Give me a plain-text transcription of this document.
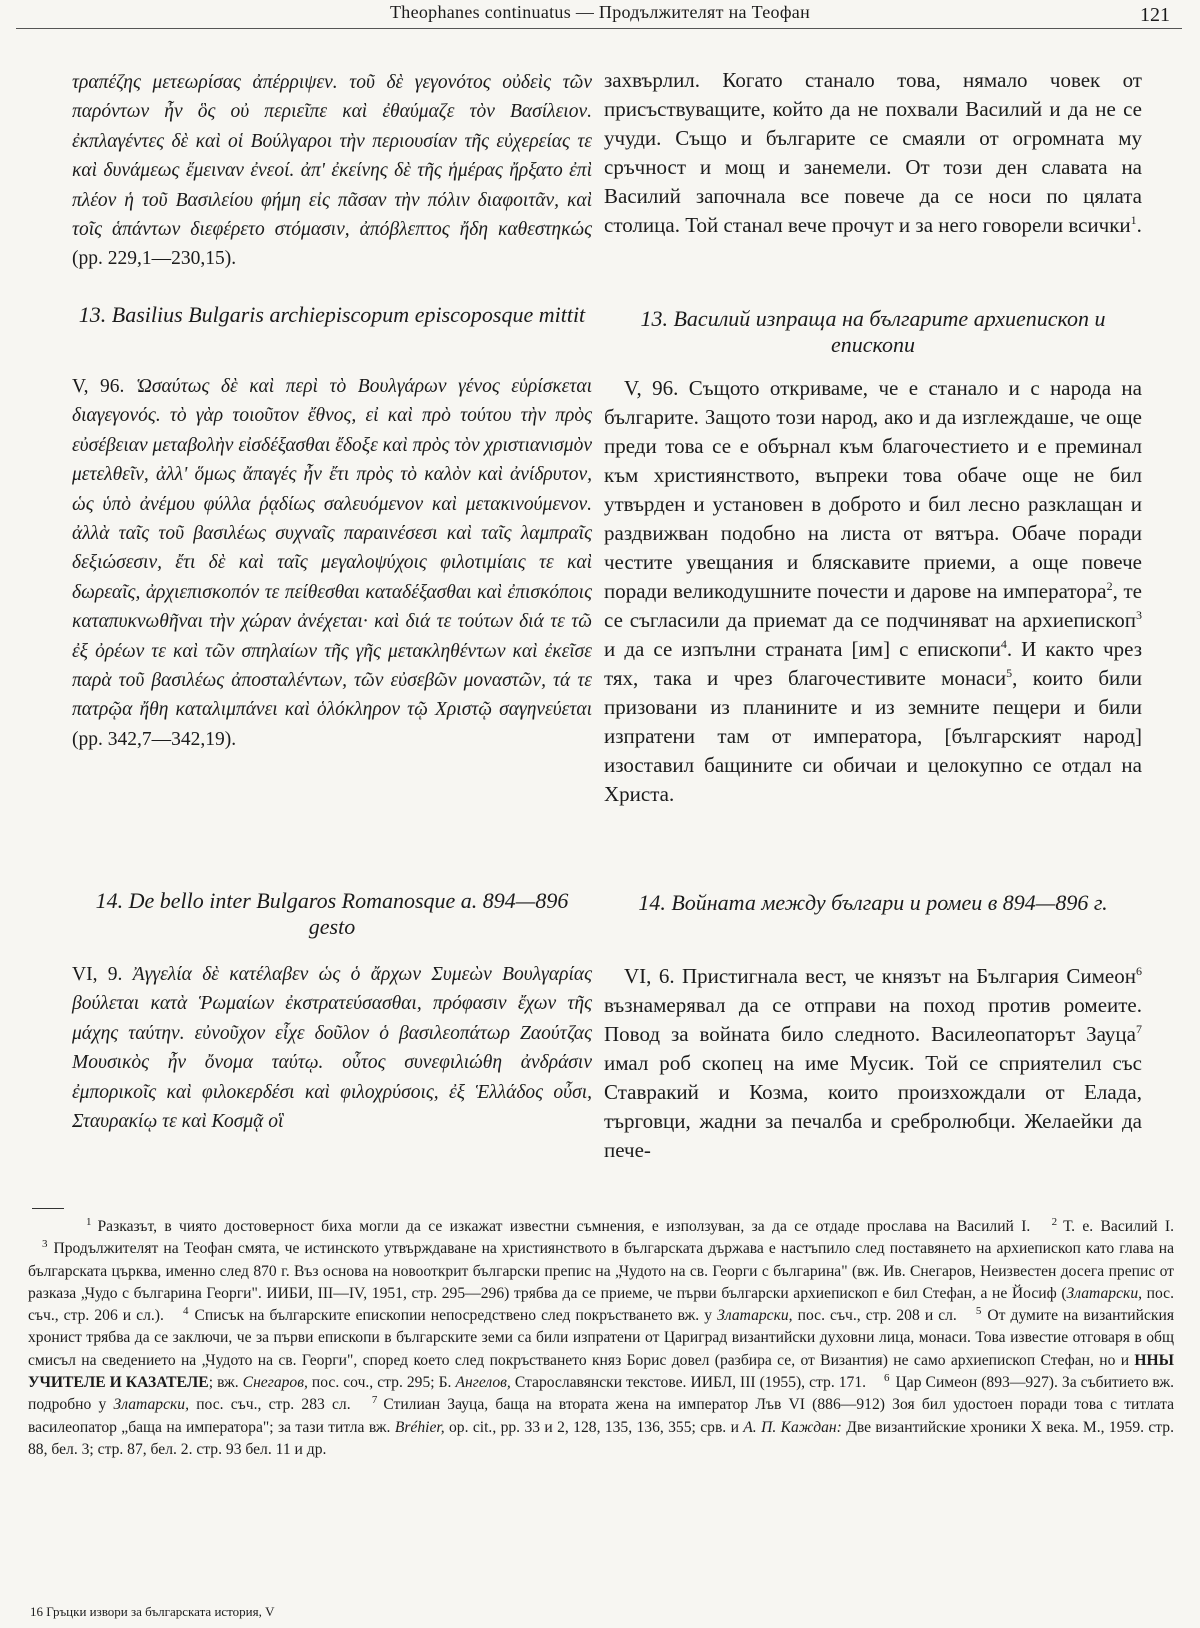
Theophanes continuatus — Продължителят на Теофан	121
τραπέζης μετεωρίσας ἀπέρριψεν. τοῦ δὲ γεγονότος οὐδεὶς τῶν παρόντων ἦν ὃς οὐ περιεῖπε καὶ ἐθαύμαζε τὸν Βασίλειον. ἐκπλαγέντες δὲ καὶ οἱ Βούλγαροι τὴν περιουσίαν τῆς εὐχερείας τε καὶ δυνάμεως ἔμειναν ἐνεοί. ἀπ' ἐκείνης δὲ τῆς ἡμέρας ἤρξατο ἐπὶ πλέον ἡ τοῦ Βασιλείου φήμη εἰς πᾶσαν τὴν πόλιν διαφοιτᾶν, καὶ τοῖς ἁπάντων διεφέρετο στόμασιν, ἀπόβλεπτος ἤδη καθεστηκώς (pp. 229,1—230,15).
13. Basilius Bulgaris archiepiscopum episcoposque mittit
V, 96. Ὡσαύτως δὲ καὶ περὶ τὸ Βουλγάρων γένος εὑρίσκεται διαγεγονός. τὸ γὰρ τοιοῦτον ἔθνος, εἰ καὶ πρὸ τούτου τὴν πρὸς εὐσέβειαν μεταβολὴν εἰσδέξασθαι ἔδοξε καὶ πρὸς τὸν χριστιανισμὸν μετελθεῖν, ἀλλ' ὅμως ἄπαγές ἦν ἔτι πρὸς τὸ καλὸν καὶ ἀνίδρυτον, ὡς ὑπὸ ἀνέμου φύλλα ῥᾳδίως σαλευόμενον καὶ μετακινούμενον. ἀλλὰ ταῖς τοῦ βασιλέως συχναῖς παραινέσεσι καὶ ταῖς λαμπραῖς δεξιώσεσιν, ἔτι δὲ καὶ ταῖς μεγαλοψύχοις φιλοτιμίαις τε καὶ δωρεαῖς, ἀρχιεπισκοπόν τε πείθεσθαι καταδέξασθαι καὶ ἐπισκόποις καταπυκνωθῆναι τὴν χώραν ἀνέχεται· καὶ διά τε τούτων διά τε τῶ ἐξ ὀρέων τε καὶ τῶν σπηλαίων τῆς γῆς μετακληθέντων καὶ ἐκεῖσε παρὰ τοῦ βασιλέως ἀποσταλέντων, τῶν εὐσεβῶν μοναστῶν, τά τε πατρῷα ἤθη καταλιμπάνει καὶ ὁλόκληρον τῷ Χριστῷ σαγηνεύεται (pp. 342,7—342,19).
14. De bello inter Bulgaros Romanosque a. 894—896 gesto
VI, 9. Ἀγγελία δὲ κατέλαβεν ὡς ὁ ἄρχων Συμεὼν Βουλγαρίας βούλεται κατὰ Ῥωμαίων ἐκστρατεύσασθαι, πρόφασιν ἔχων τῆς μάχης ταύτην. εὐνοῦχον εἶχε δοῦλον ὁ βασιλεοπάτωρ Ζαούτζας Μουσικὸς ἦν ὄνομα ταύτῳ. οὗτος συνεφιλιώθη ἀνδράσιν ἐμπορικοῖς καὶ φιλοκερδέσι καὶ φιλοχρύσοις, ἐξ Ἑλλάδος οὖσι, Σταυρακίῳ τε καὶ Κοσμᾷ οἳ
захвърлил. Когато станало това, нямало човек от присъствуващите, който да не похвали Василий и да не се учуди. Също и българите се смаяли от огромната му сръчност и мощ и занемели. От този ден славата на Василий започнала все повече да се носи по цялата столица. Той станал вече прочут и за него говорели всички$^1$.
13. Василий изпраща на българите архиепископ и епископи
V, 96. Същото откриваме, че е станало и с народа на българите. Защото този народ, ако и да изглеждаше, че още преди това се е обърнал към благочестието и е преминал към християнството, въпреки това обаче още не бил утвърден и установен в доброто и бил лесно разклащан и раздвижван подобно на листа от вятъра. Обаче поради честите увещания и бляскавите приеми, а още повече поради великодушните почести и дарове на императора$^2$, те се съгласили да приемат да се подчиняват на архиепископ$^3$ и да се изпълни страната [им] с епископи$^4$. И както чрез тях, така и чрез благочестивите монаси$^5$, които били призовани из планините и из земните пещери и били изпратени там от императора, [българският народ] изоставил бащините си обичаи и целокупно се отдал на Христа.
14. Войната между българи и ромеи в 894—896 г.
VI, 6. Пристигнала вест, че князът на България Симеон$^6$ възнамерявал да се отправи на поход против ромеите. Повод за войната било следното. Василеопаторът Зауца$^7$ имал роб скопец на име Мусик. Той се сприятелил със Ставракий и Козма, които произхождали от Елада, търговци, жадни за печалба и сребролюбци. Желаейки да пече-
$^1$ Разказът, в чиято достоверност биха могли да се изкажат известни съмнения, е използуван, за да се отдаде прослава на Василий I. $^2$ Т. е. Василий I. $^3$ Продължителят на Теофан смята, че истинското утвърждаване на християнството в българската държава е настъпило след поставянето на архиепископ като глава на българската църква, именно след 870 г. Въз основа на новооткрит български препис на „Чудото на св. Георги с българина" (вж. Ив. Снегаров, Неизвестен досега препис от разказа „Чудо с българина Георги". ИИБИ, III—IV, 1951, стр. 295—296) трябва да се приеме, че първи български архиепископ е бил Стефан, а не Йосиф (Златарски, пос. съч., стр. 206 и сл.). $^4$ Списък на българските епископии непосредствено след покръстването вж. у Златарски, пос. съч., стр. 208 и сл. $^5$ От думите на византийския хронист трябва да се заключи, че за първи епископи в българските земи са били изпратени от Цариград византийски духовни лица, монаси. Това известие отговаря в общ смисъл на сведението на „Чудото на св. Георги", според което след покръстването княз Борис довел (разбира се, от Византия) не само архиепископ Стефан, но и ННЫ УЧИТЕЛЕ И КАЗАТЕЛЕ; вж. Снегаров, пос. соч., стр. 295; Б. Ангелов, Старославянски текстове. ИИБЛ, III (1955), стр. 171. $^6$ Цар Симеон (893—927). За събитието вж. подробно у Златарски, пос. съч., стр. 283 сл. $^7$ Стилиан Зауца, баща на втората жена на император Лъв VI (886—912) Зоя бил удостоен поради това с титлата василеопатор „баща на императора"; за тази титла вж. Bréhier, op. cit., pp. 33 и 2, 128, 135, 136, 355; срв. и А. П. Каждан: Две византийские хроники Х века. М., 1959. стр. 88, бел. 3; стр. 87, бел. 2. стр. 93 бел. 11 и др.
16 Гръцки извори за българската история, V
